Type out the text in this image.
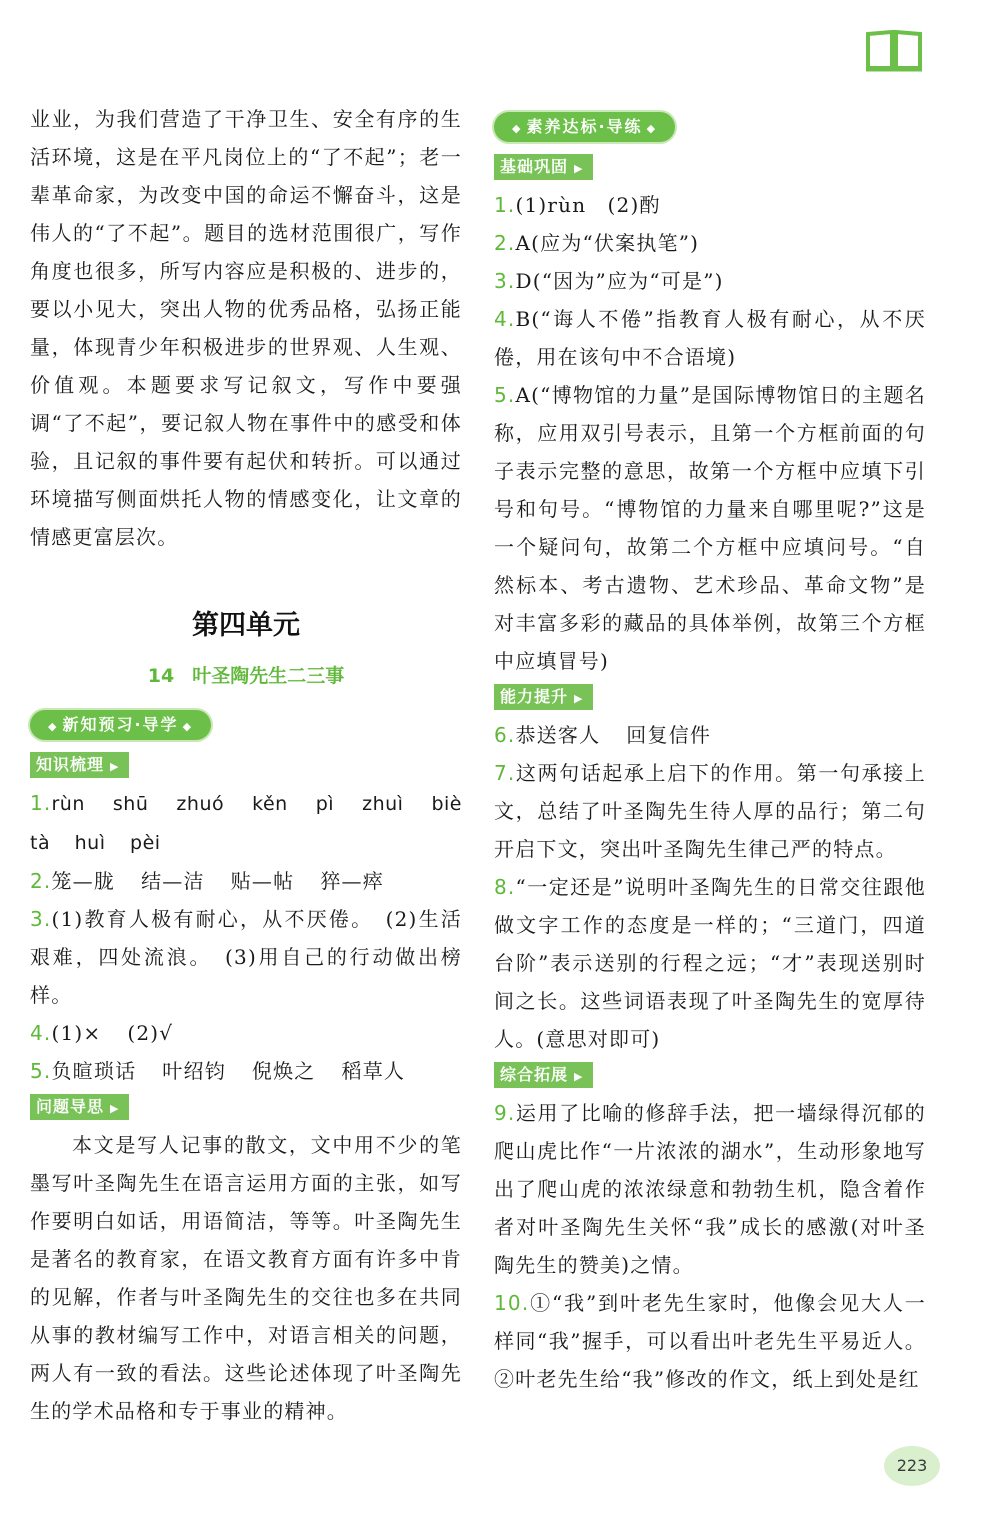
业业，为我们营造了干净卫生、安全有序的生活环境，这是在平凡岗位上的“了不起”；老一辈革命家，为改变中国的命运不懈奋斗，这是伟人的“了不起”。题目的选材范围很广，写作角度也很多，所写内容应是积极的、进步的，要以小见大，突出人物的优秀品格，弘扬正能量，体现青少年积极进步的世界观、人生观、价值观。本题要求写记叙文，写作中要强调“了不起”，要记叙人物在事件中的感受和体验，且记叙的事件要有起伏和转折。可以通过环境描写侧面烘托人物的情感变化，让文章的情感更富层次。

第四单元
14 叶圣陶先生二三事
◆ 新知预习·导学 ◆
知识梳理 ▶

1.rùn shū zhuó kěn pì zhuì biè tà huì pèi

2.笼—胧 结—洁 贴—帖 猝—瘁

3.(1)教育人极有耐心，从不厌倦。　(2)生活艰难，四处流浪。　(3)用自己的行动做出榜样。

4.(1)× (2)√

5.负暄琐话 叶绍钧 倪焕之 稻草人

问题导思 ▶

本文是写人记事的散文，文中用不少的笔墨写叶圣陶先生在语言运用方面的主张，如写作要明白如话，用语简洁，等等。叶圣陶先生是著名的教育家，在语文教育方面有许多中肯的见解，作者与叶圣陶先生的交往也多在共同从事的教材编写工作中，对语言相关的问题，两人有一致的看法。这些论述体现了叶圣陶先生的学术品格和专于事业的精神。

◆ 素养达标·导练 ◆
基础巩固 ▶

1.(1)rùn　(2)酌

2.A(应为“伏案执笔”)

3.D(“因为”应为“可是”)

4.B(“诲人不倦”指教育人极有耐心，从不厌倦，用在该句中不合语境)

5.A(“博物馆的力量”是国际博物馆日的主题名称，应用双引号表示，且第一个方框前面的句子表示完整的意思，故第一个方框中应填下引号和句号。“博物馆的力量来自哪里呢?”这是一个疑问句，故第二个方框中应填问号。“自然标本、考古遗物、艺术珍品、革命文物”是对丰富多彩的藏品的具体举例，故第三个方框中应填冒号)

能力提升 ▶

6.恭送客人 回复信件

7.这两句话起承上启下的作用。第一句承接上文，总结了叶圣陶先生待人厚的品行；第二句开启下文，突出叶圣陶先生律己严的特点。

8.“一定还是”说明叶圣陶先生的日常交往跟他做文字工作的态度是一样的；“三道门，四道台阶”表示送别的行程之远；“才”表现送别时间之长。这些词语表现了叶圣陶先生的宽厚待人。(意思对即可)

综合拓展 ▶

9.运用了比喻的修辞手法，把一墙绿得沉郁的爬山虎比作“一片浓浓的湖水”，生动形象地写出了爬山虎的浓浓绿意和勃勃生机，隐含着作者对叶圣陶先生关怀“我”成长的感激(对叶圣陶先生的赞美)之情。

10.①“我”到叶老先生家时，他像会见大人一样同“我”握手，可以看出叶老先生平易近人。②叶老先生给“我”修改的作文，纸上到处是红

223
